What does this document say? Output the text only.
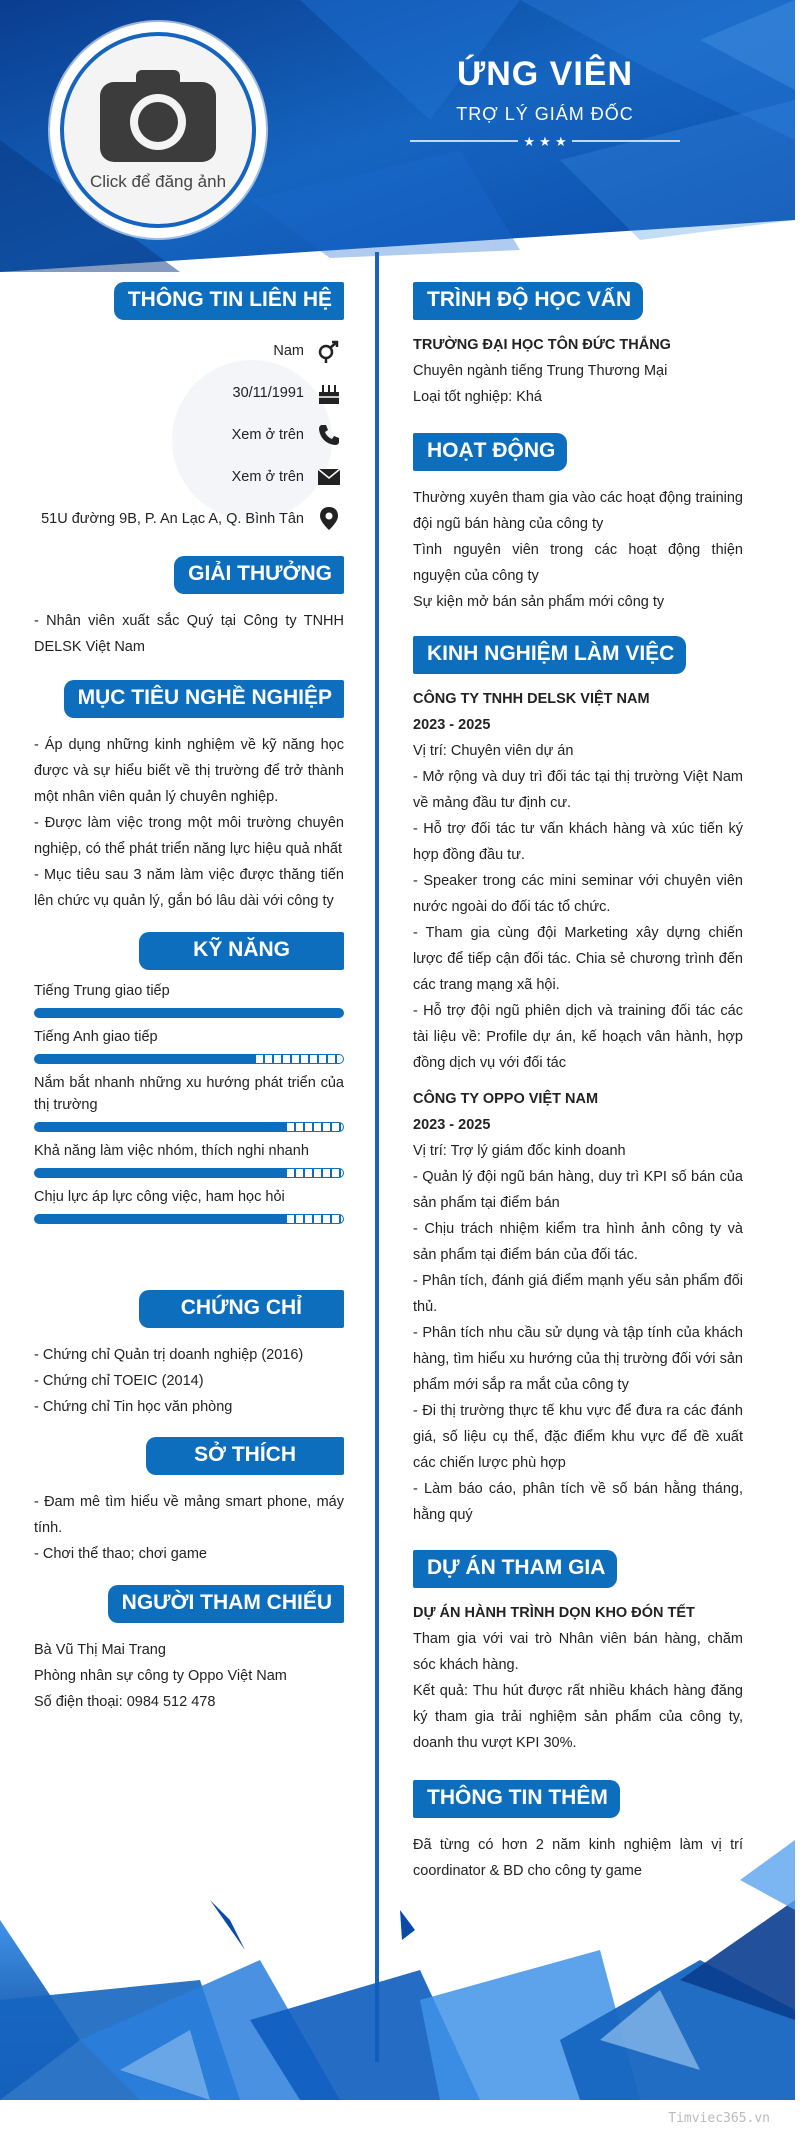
Click để đăng ảnh
ỨNG VIÊN
TRỢ LÝ GIÁM ĐỐC
★ ★ ★
THÔNG TIN LIÊN HỆ
Nam
30/11/1991
Xem ở trên
Xem ở trên
51U đường 9B, P. An Lạc A, Q. Bình Tân
GIẢI THƯỞNG
- Nhân viên xuất sắc Quý tại Công ty TNHH DELSK Việt Nam
MỤC TIÊU NGHỀ NGHIỆP
- Áp dụng những kinh nghiệm về kỹ năng học được và sự hiểu biết về thị trường để trở thành một nhân viên quản lý chuyên nghiệp.
- Được làm việc trong một môi trường chuyên nghiệp, có thể phát triển năng lực hiệu quả nhất
- Mục tiêu sau 3 năm làm việc được thăng tiến lên chức vụ quản lý, gắn bó lâu dài với công ty
KỸ NĂNG
Tiếng Trung giao tiếp
Tiếng Anh giao tiếp
Nắm bắt nhanh những xu hướng phát triển của thị trường
Khả năng làm việc nhóm, thích nghi nhanh
Chịu lực áp lực công việc, ham học hỏi
CHỨNG CHỈ
- Chứng chỉ Quản trị doanh nghiệp (2016)
- Chứng chỉ TOEIC (2014)
- Chứng chỉ Tin học văn phòng
SỞ THÍCH
- Đam mê tìm hiểu về mảng smart phone, máy tính.
- Chơi thể thao; chơi game
NGƯỜI THAM CHIẾU
Bà Vũ Thị Mai Trang
Phòng nhân sự công ty Oppo Việt Nam
Số điện thoại: 0984 512 478
TRÌNH ĐỘ HỌC VẤN
TRƯỜNG ĐẠI HỌC TÔN ĐỨC THẮNG
Chuyên ngành tiếng Trung Thương Mại
Loại tốt nghiệp: Khá
HOẠT ĐỘNG
Thường xuyên tham gia vào các hoạt động training đội ngũ bán hàng của công ty
Tình nguyên viên trong các hoạt động thiện nguyện của công ty
Sự kiện mở bán sản phẩm mới công ty
KINH NGHIỆM LÀM VIỆC
CÔNG TY TNHH DELSK VIỆT NAM
2023 - 2025
Vị trí: Chuyên viên dự án
- Mở rộng và duy trì đối tác tại thị trường Việt Nam về mảng đầu tư định cư.
- Hỗ trợ đối tác tư vấn khách hàng và xúc tiến ký hợp đồng đầu tư.
- Speaker trong các mini seminar với chuyên viên nước ngoài do đối tác tổ chức.
- Tham gia cùng đội Marketing xây dựng chiến lược để tiếp cận đối tác. Chia sẻ chương trình đến các trang mạng xã hội.
- Hỗ trợ đội ngũ phiên dịch và training đối tác các tài liệu về: Profile dự án, kế hoạch vân hành, hợp đồng dịch vụ với đối tác
CÔNG TY OPPO VIỆT NAM
2023 - 2025
Vị trí: Trợ lý giám đốc kinh doanh
- Quản lý đội ngũ bán hàng, duy trì KPI số bán của sản phẩm tại điểm bán
- Chịu trách nhiệm kiểm tra hình ảnh công ty và sản phẩm tại điểm bán của đối tác.
- Phân tích, đánh giá điểm mạnh yếu sản phẩm đối thủ.
- Phân tích nhu cầu sử dụng và tập tính của khách hàng, tìm hiểu xu hướng của thị trường đối với sản phẩm mới sắp ra mắt của công ty
- Đi thị trường thực tế khu vực để đưa ra các đánh giá, số liệu cụ thể, đặc điểm khu vực để đề xuất các chiến lược phù hợp
- Làm báo cáo, phân tích về số bán hằng tháng, hằng quý
DỰ ÁN THAM GIA
DỰ ÁN HÀNH TRÌNH DỌN KHO ĐÓN TẾT
Tham gia với vai trò Nhân viên bán hàng, chăm sóc khách hàng.
Kết quả: Thu hút được rất nhiều khách hàng đăng ký tham gia trải nghiệm sản phẩm của công ty, doanh thu vượt KPI 30%.
THÔNG TIN THÊM
Đã từng có hơn 2 năm kinh nghiệm làm vị trí coordinator & BD cho công ty game
Timviec365.vn
